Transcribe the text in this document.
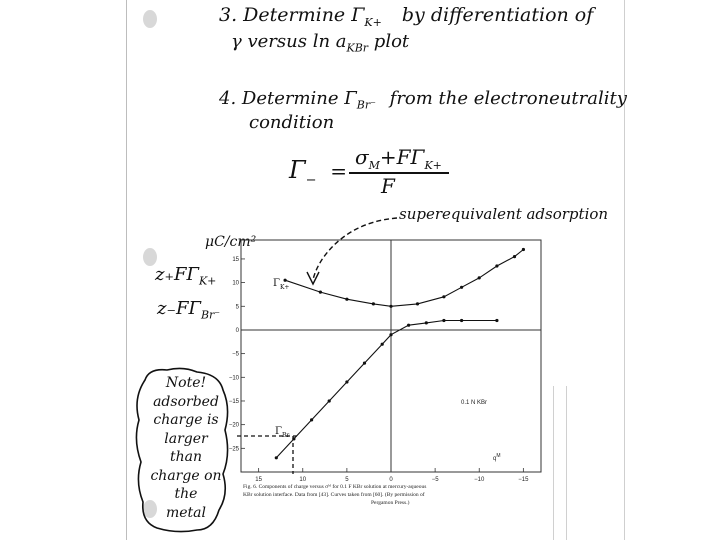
3. Determine $\Gamma_{K+}$ by differentiation of
γ versus $\ln a_{KBr}$ plot
4. Determine $\Gamma_{Br^-}$ from the electroneutrality
condition
$\Gamma_-$ =
$\sigma_M+F\Gamma_{K+}$
F
superequivalent adsorption
μC/cm²
$z_+F\Gamma_{K+}$
$z_-F\Gamma_{Br^-}$
Note!
adsorbed
charge is
larger
than
charge on
the
metal
15
10
5
0
−5
−10
−15
−20
−25
15	10	5	0	−5	−10	−15
$\Gamma_{K+}$
$\Gamma_{Br}$
0.1 N KBr
$q^M$
Fig. 6. Components of charge versus σᴹ for 0.1 F KBr solution at mercury-aqueous
KBr solution interface. Data from [43]. Curves taken from [60]. (By permission of
Pergamon Press.)
